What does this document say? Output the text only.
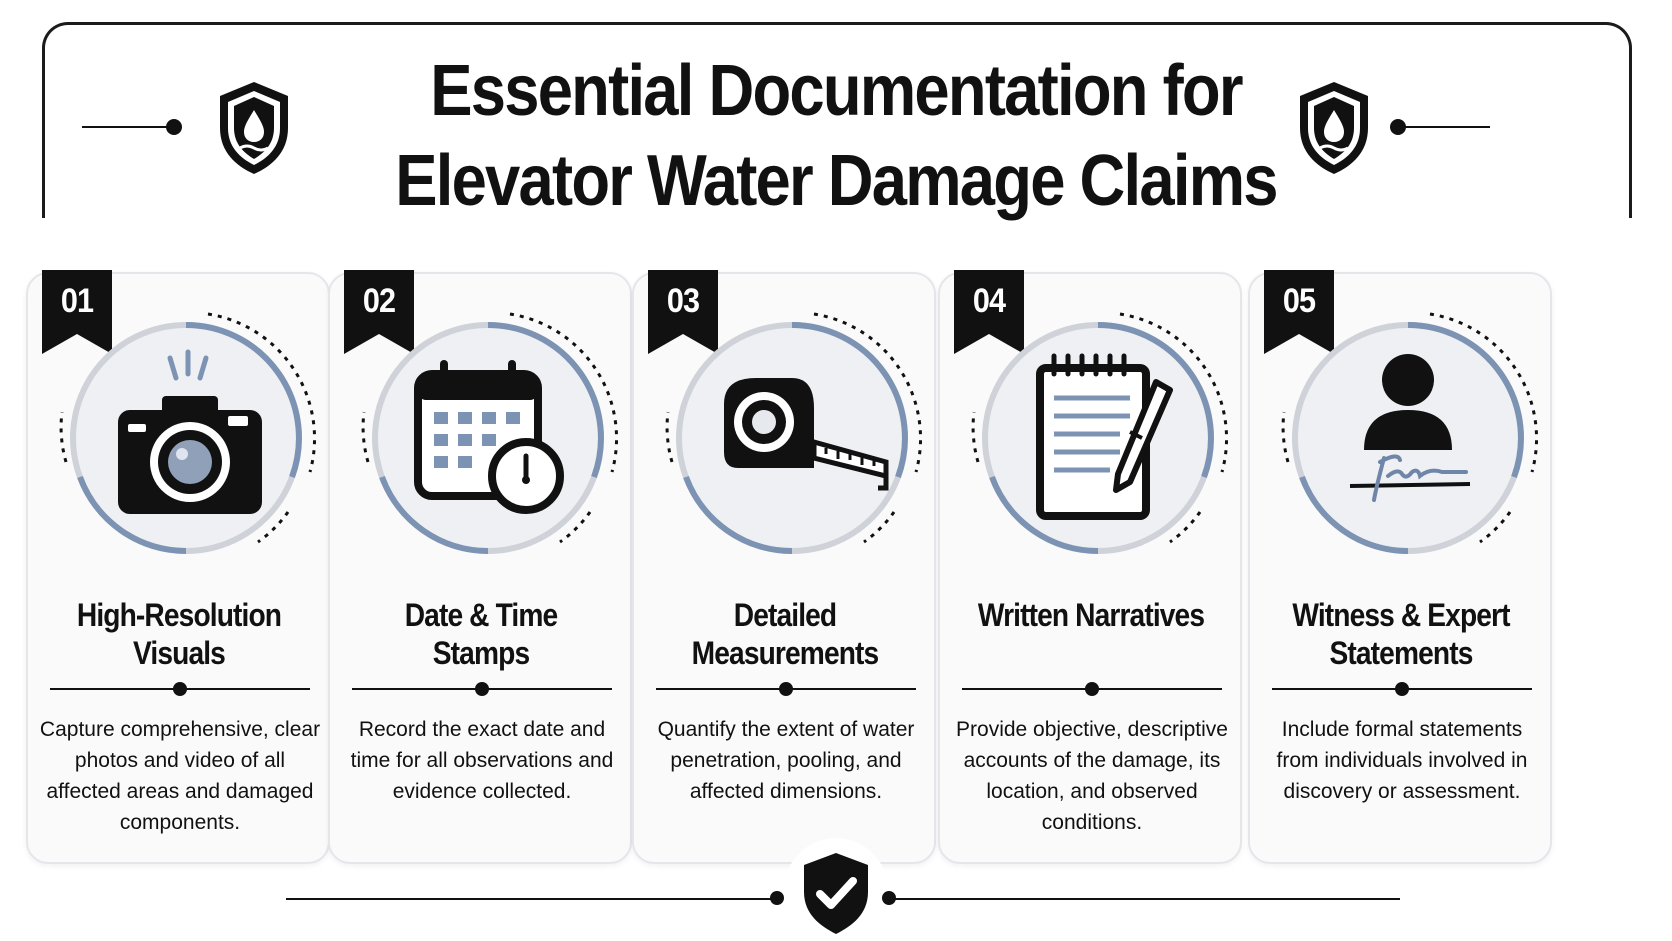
Essential Documentation for Elevator Water Damage Claims
01
High-Resolution Visuals
Capture comprehensive, clear photos and video of all affected areas and damaged components.
02
Date & Time Stamps
Record the exact date and time for all observations and evidence collected.
03
Detailed Measurements
Quantify the extent of water penetration, pooling, and affected dimensions.
04
Written Narratives
Provide objective, descriptive accounts of the damage, its location, and observed conditions.
05
Witness & Expert Statements
Include formal statements from individuals involved in discovery or assessment.
